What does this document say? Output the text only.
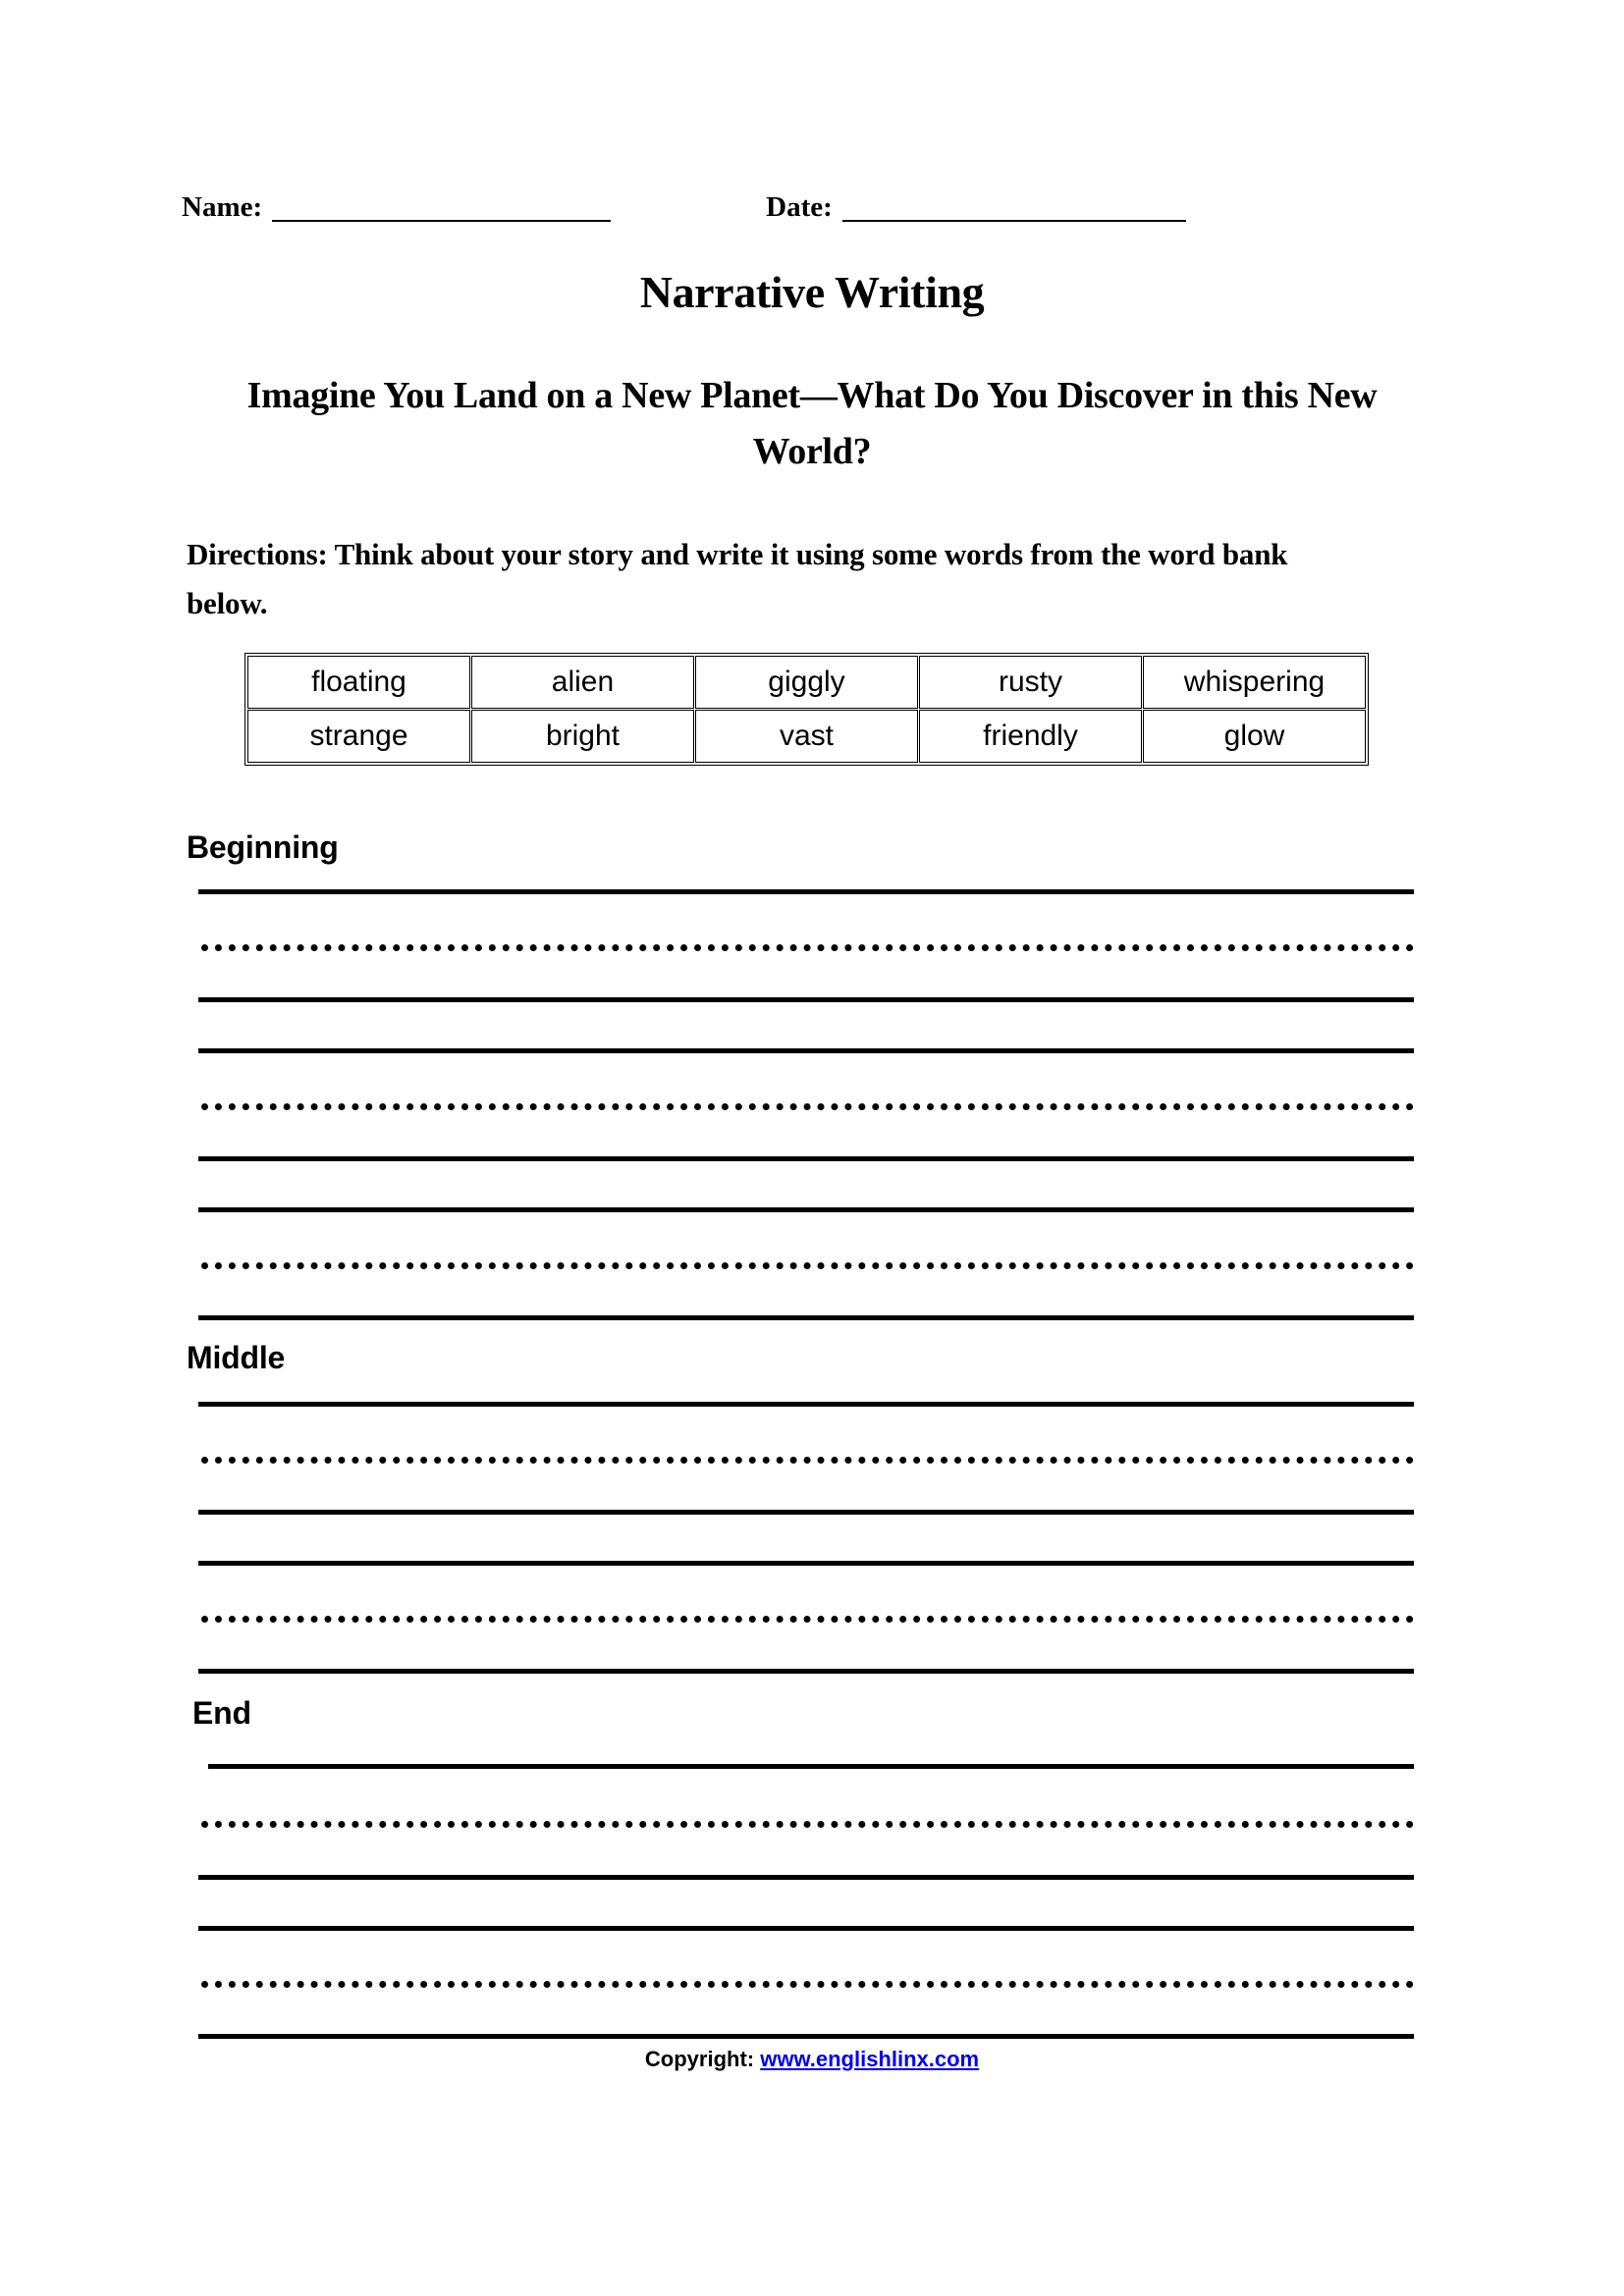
Name:	Date:
Narrative Writing
Imagine You Land on a New Planet—What Do You Discover in this New World?
Directions: Think about your story and write it using some words from the word bank below.
floating	alien	giggly	rusty	whispering
strange	bright	vast	friendly	glow
Beginning
Middle
End
Copyright: www.englishlinx.com
